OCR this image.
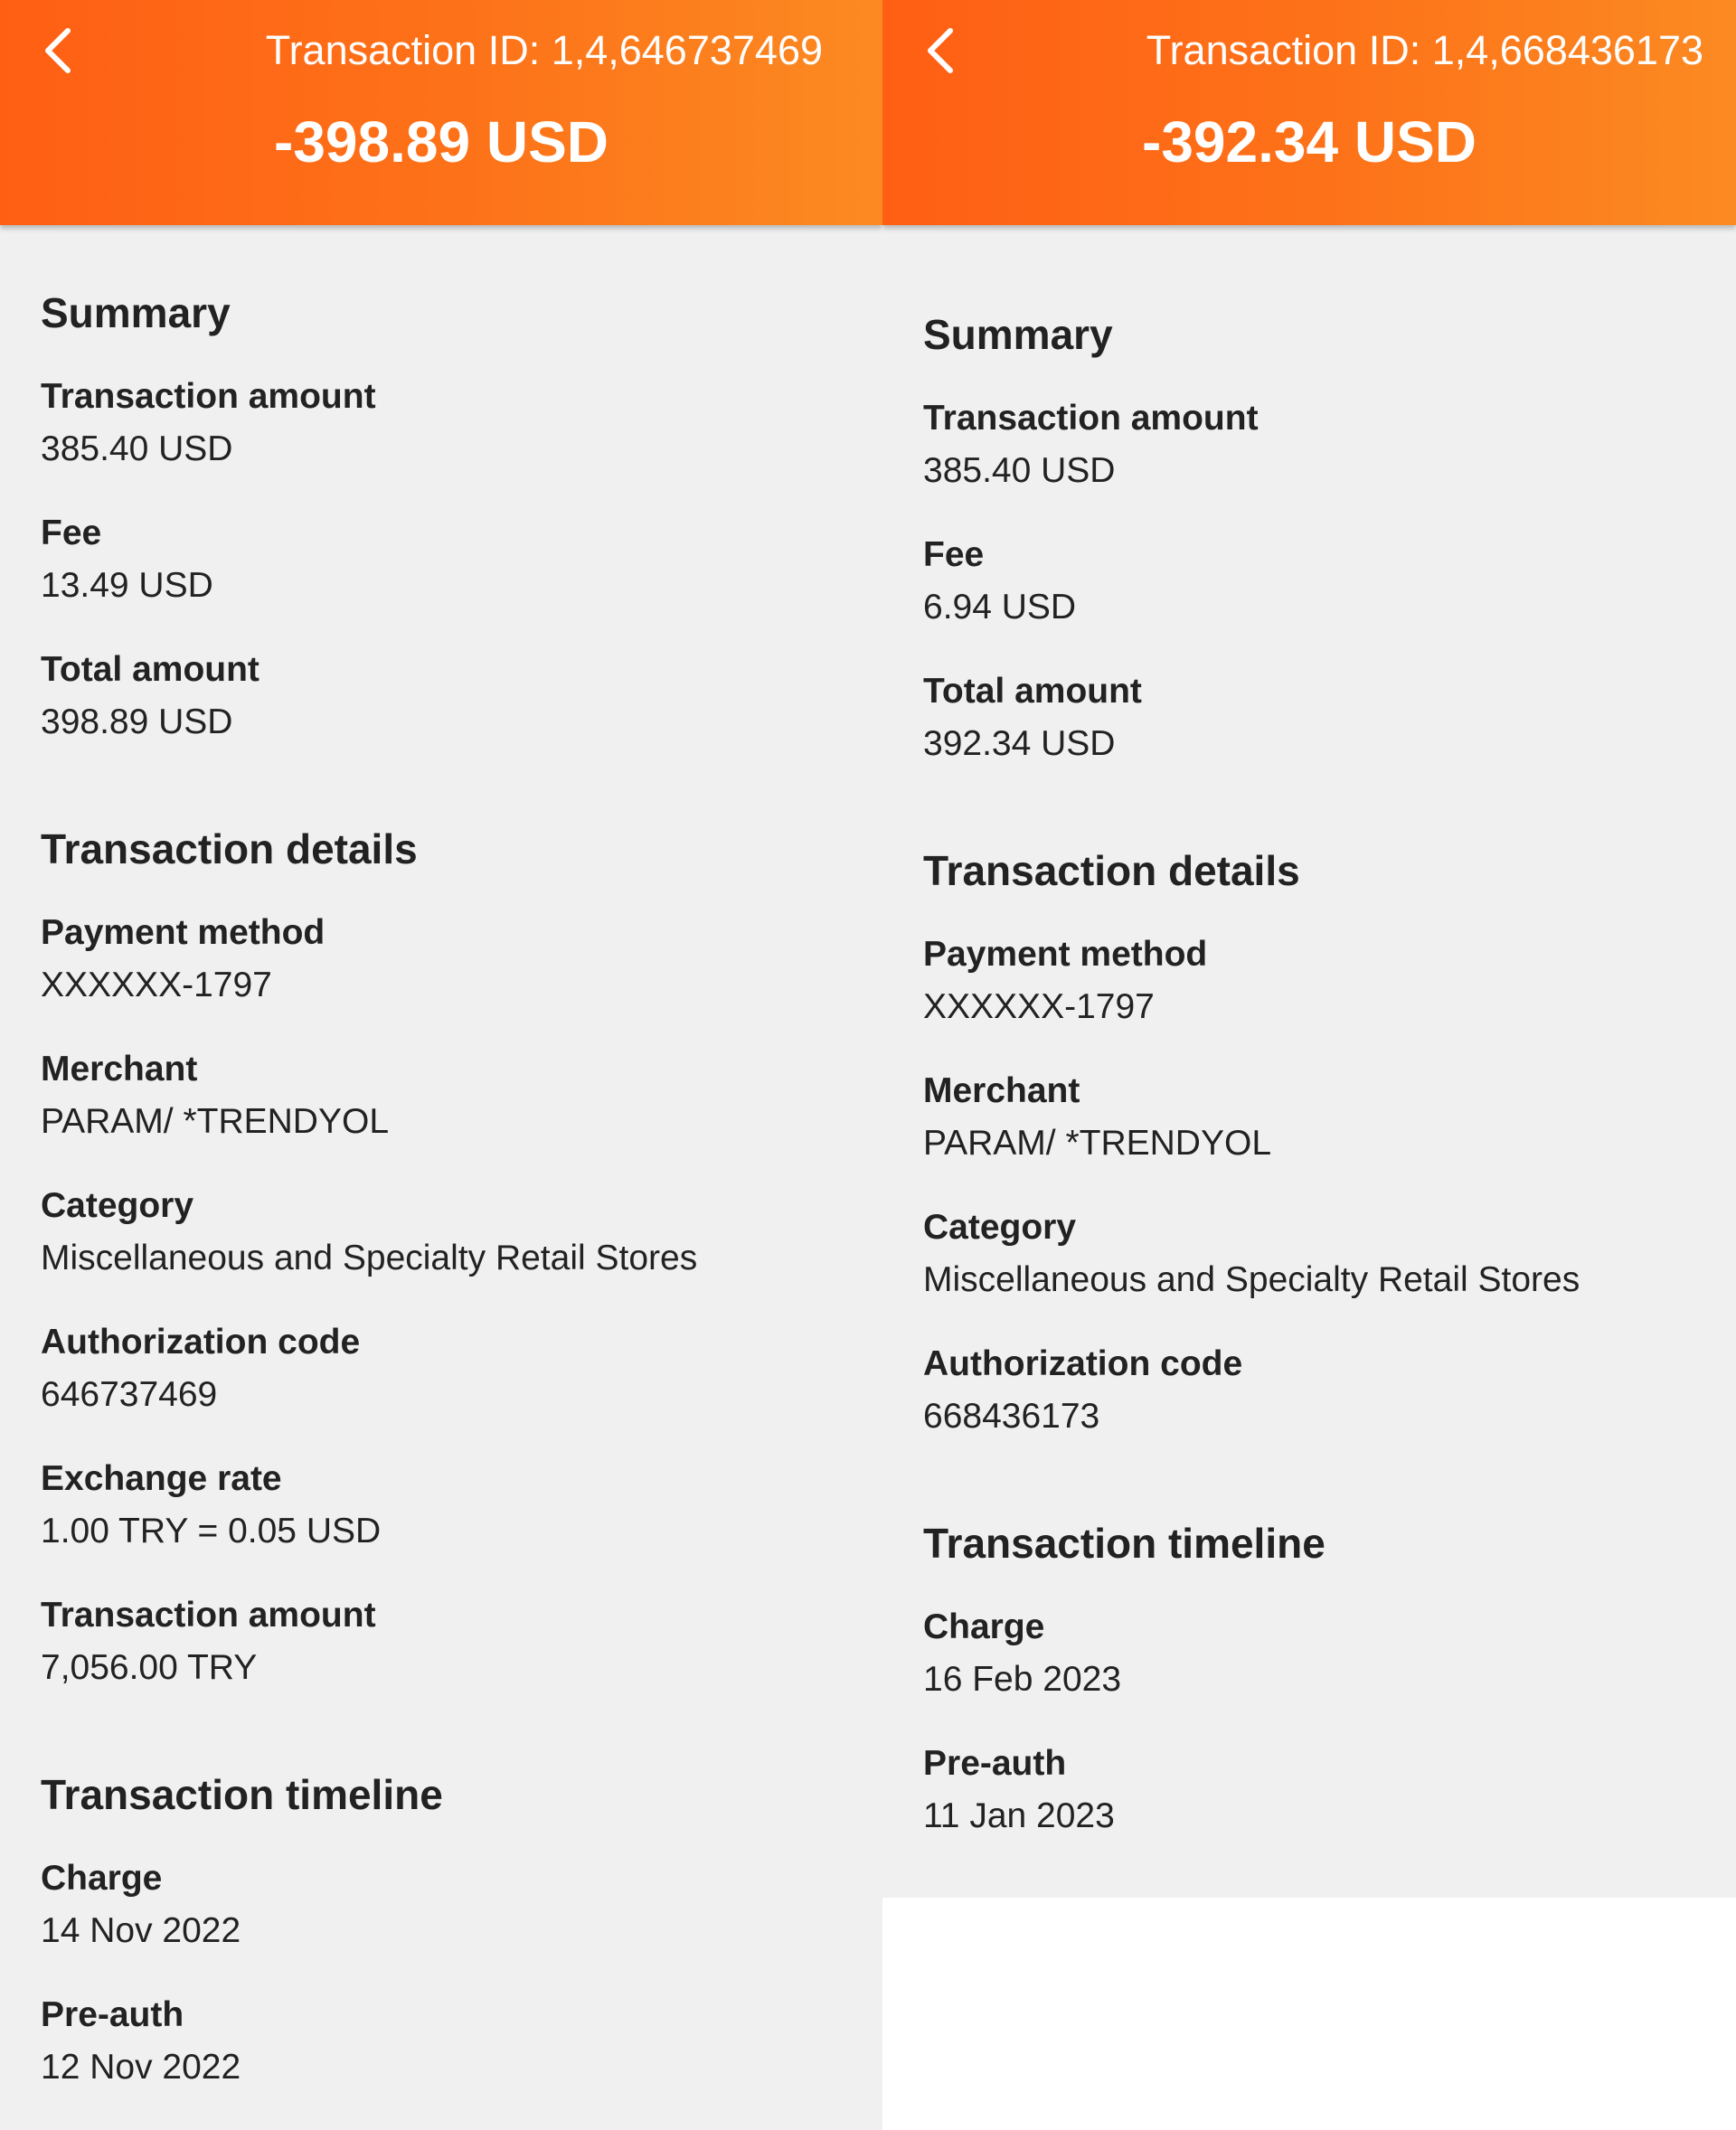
Transaction ID: 1,4,646737469
-398.89 USD
Summary
Transaction amount
385.40 USD
Fee
13.49 USD
Total amount
398.89 USD
Transaction details
Payment method
XXXXXX-1797
Merchant
PARAM/ *TRENDYOL
Category
Miscellaneous and Specialty Retail Stores
Authorization code
646737469
Exchange rate
1.00 TRY = 0.05 USD
Transaction amount
7,056.00 TRY
Transaction timeline
Charge
14 Nov 2022
Pre-auth
12 Nov 2022
Transaction ID: 1,4,668436173
-392.34 USD
Summary
Transaction amount
385.40 USD
Fee
6.94 USD
Total amount
392.34 USD
Transaction details
Payment method
XXXXXX-1797
Merchant
PARAM/ *TRENDYOL
Category
Miscellaneous and Specialty Retail Stores
Authorization code
668436173
Transaction timeline
Charge
16 Feb 2023
Pre-auth
11 Jan 2023
